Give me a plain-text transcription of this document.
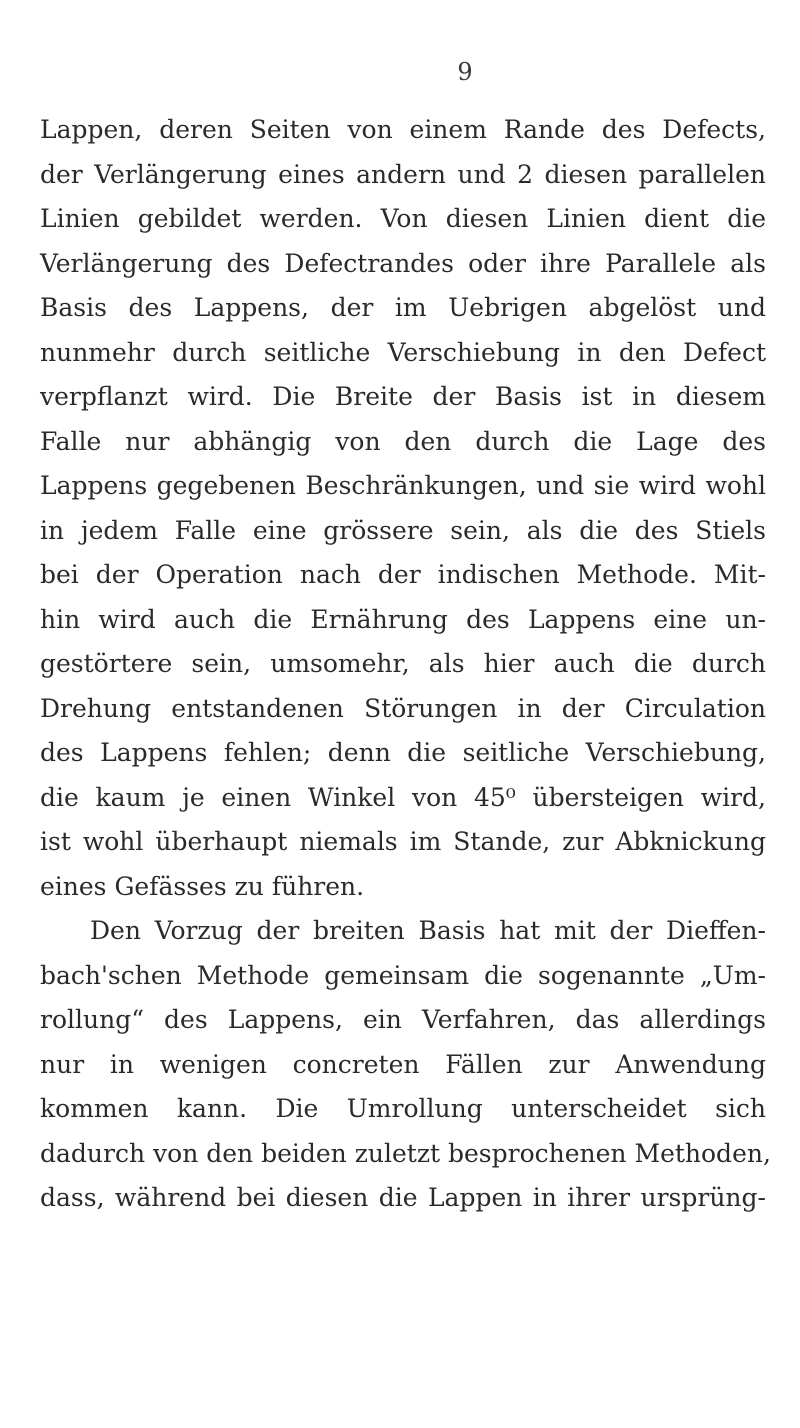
9
Lappen, deren Seiten von einem Rande des Defects,
der Verlängerung eines andern und 2 diesen parallelen
Linien gebildet werden. Von diesen Linien dient die
Verlängerung des Defectrandes oder ihre Parallele als
Basis des Lappens, der im Uebrigen abgelöst und
nunmehr durch seitliche Verschiebung in den Defect
verpflanzt wird. Die Breite der Basis ist in diesem
Falle nur abhängig von den durch die Lage des
Lappens gegebenen Beschränkungen, und sie wird wohl
in jedem Falle eine grössere sein, als die des Stiels
bei der Operation nach der indischen Methode. Mit-
hin wird auch die Ernährung des Lappens eine un-
gestörtere sein, umsomehr, als hier auch die durch
Drehung entstandenen Störungen in der Circulation
des Lappens fehlen; denn die seitliche Verschiebung,
die kaum je einen Winkel von 45⁰ übersteigen wird,
ist wohl überhaupt niemals im Stande, zur Abknickung
eines Gefässes zu führen.
Den Vorzug der breiten Basis hat mit der Dieffen-
bach'schen Methode gemeinsam die sogenannte „Um-
rollung“ des Lappens, ein Verfahren, das allerdings
nur in wenigen concreten Fällen zur Anwendung
kommen kann. Die Umrollung unterscheidet sich
dadurch von den beiden zuletzt besprochenen Methoden,
dass, während bei diesen die Lappen in ihrer ursprüng-
